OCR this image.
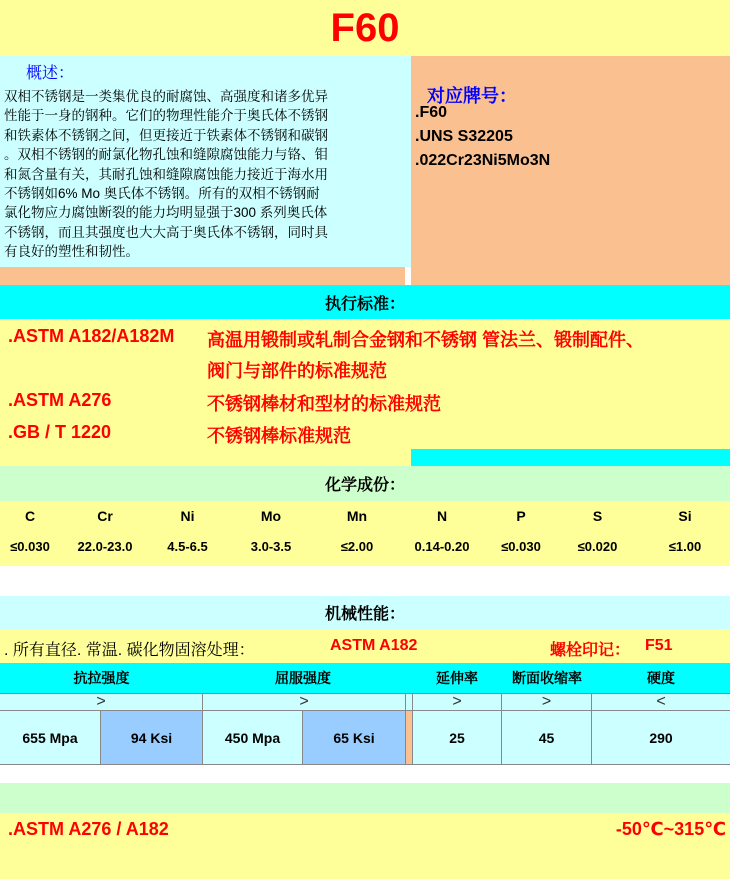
F60
概述：
双相不锈钢是一类集优良的耐腐蚀、高强度和诸多优异
性能于一身的钢种。它们的物理性能介于奥氏体不锈钢
和铁素体不锈钢之间，但更接近于铁素体不锈钢和碳钢
。双相不锈钢的耐氯化物孔蚀和缝隙腐蚀能力与铬、钼
和氮含量有关，其耐孔蚀和缝隙腐蚀能力接近于海水用
不锈钢如6% Mo 奥氏体不锈钢。所有的双相不锈钢耐
氯化物应力腐蚀断裂的能力均明显强于300 系列奥氏体
不锈钢，而且其强度也大大高于奥氏体不锈钢，同时具
有良好的塑性和韧性。
对应牌号：
.F60
.UNS S32205
.022Cr23Ni5Mo3N
执行标准：
.ASTM A182/A182M 高温用锻制或轧制合金钢和不锈钢 管法兰、锻制配件、
阀门与部件的标准规范
.ASTM A276	不锈钢棒材和型材的标准规范
.GB / T 1220	不锈钢棒标准规范
化学成份：
C	Cr	Ni	Mo	Mn	N	P	S	Si
≤0.030	22.0-23.0	4.5-6.5	3.0-3.5	≤2.00	0.14-0.20	≤0.030	≤0.020	≤1.00
机械性能：
. 所有直径. 常温. 碳化物固溶处理：	ASTM A182	螺栓印记： F51
抗拉强度	屈服强度	延伸率	断面收缩率	硬度
>	>	>	>	<
655 Mpa	94 Ksi	450 Mpa	65 Ksi	25	45	290
.ASTM A276 / A182	-50℃~315℃
